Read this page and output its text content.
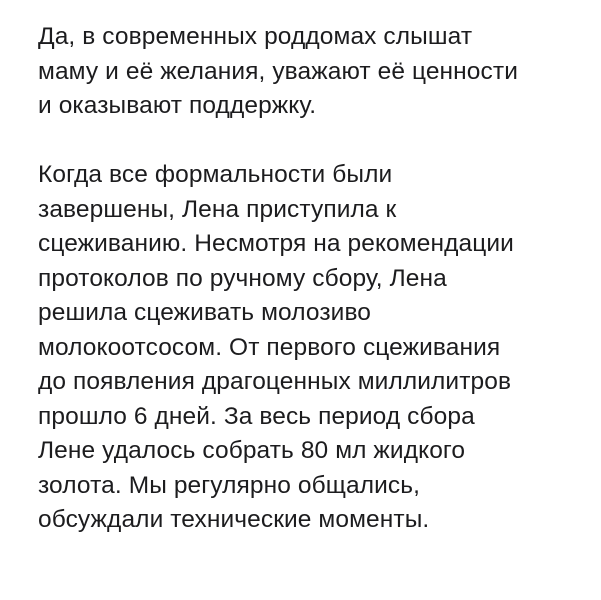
Да, в современных роддомах слышат
маму и её желания, уважают её ценности
и оказывают поддержку.

Когда все формальности были
завершены, Лена приступила к
сцеживанию. Несмотря на рекомендации
протоколов по ручному сбору, Лена
решила сцеживать молозиво
молокоотсосом. От первого сцеживания
до появления драгоценных миллилитров
прошло 6 дней. За весь период сбора
Лене удалось собрать 80 мл жидкого
золота. Мы регулярно общались,
обсуждали технические моменты.
